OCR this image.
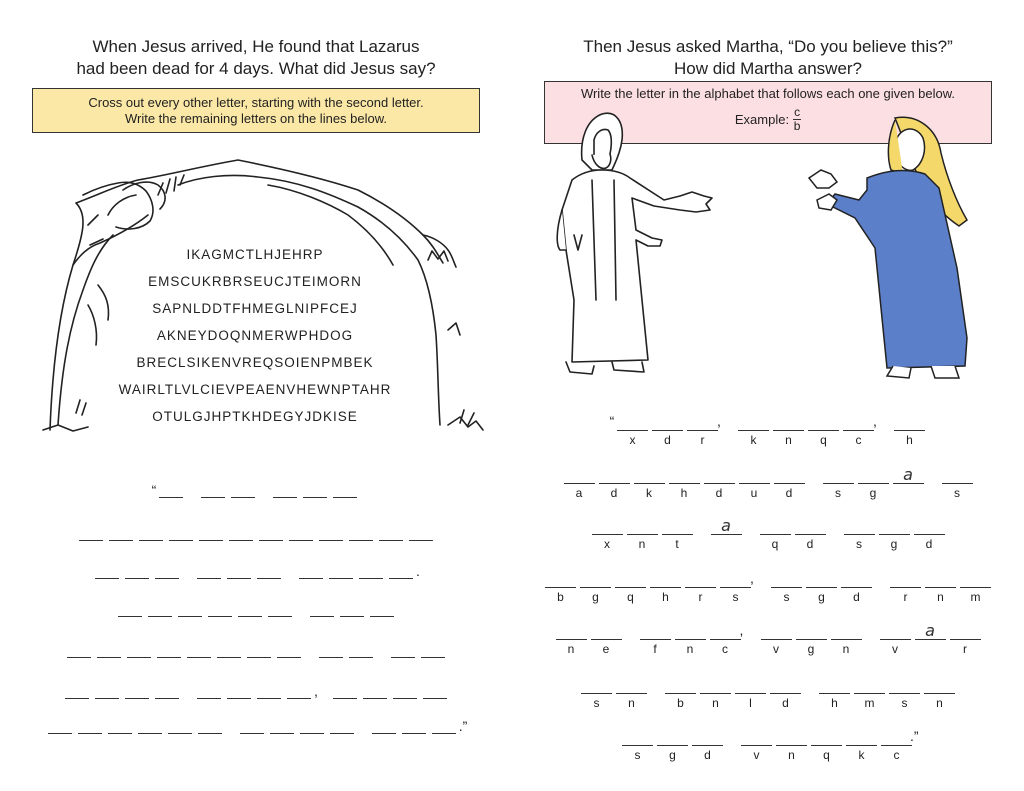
When Jesus arrived, He found that Lazarus
had been dead for 4 days. What did Jesus say?
Cross out every other letter, starting with the second letter.
Write the remaining letters on the lines below.
IKAGMCTLHJEHRP
EMSCUKRBRSEUCJTEIMORN
SAPNLDDTFHMEGLNIPFCEJ
AKNEYDOQNMERWPHDOG
BRECLSIKENVREQSOIENPMBEK
WAIRLTLVLCIEVPEAENVHEWNPTAHR
OTULGJHPTKHDEGYJDKISE
“
.
,
.”
Then Jesus asked Martha, “Do you believe this?”
How did Martha answer?
Write the letter in the alphabet that follows each one given below.
Example: $\frac{c}{b}$
“
x	d	r
,
k	n	q	c
,
h
a	d	k	h	d	u	d	s	g
a
s
x	n	t
a
q	d	s	g	d
b	g	q	h	r	s
,
s	g	d	r	n	m
n	e	f	n	c
,
v	g	n	v
a
r
s	n	b	n	l	d	h	m	s	n
s	g	d	v	n	q	k	c
.”
